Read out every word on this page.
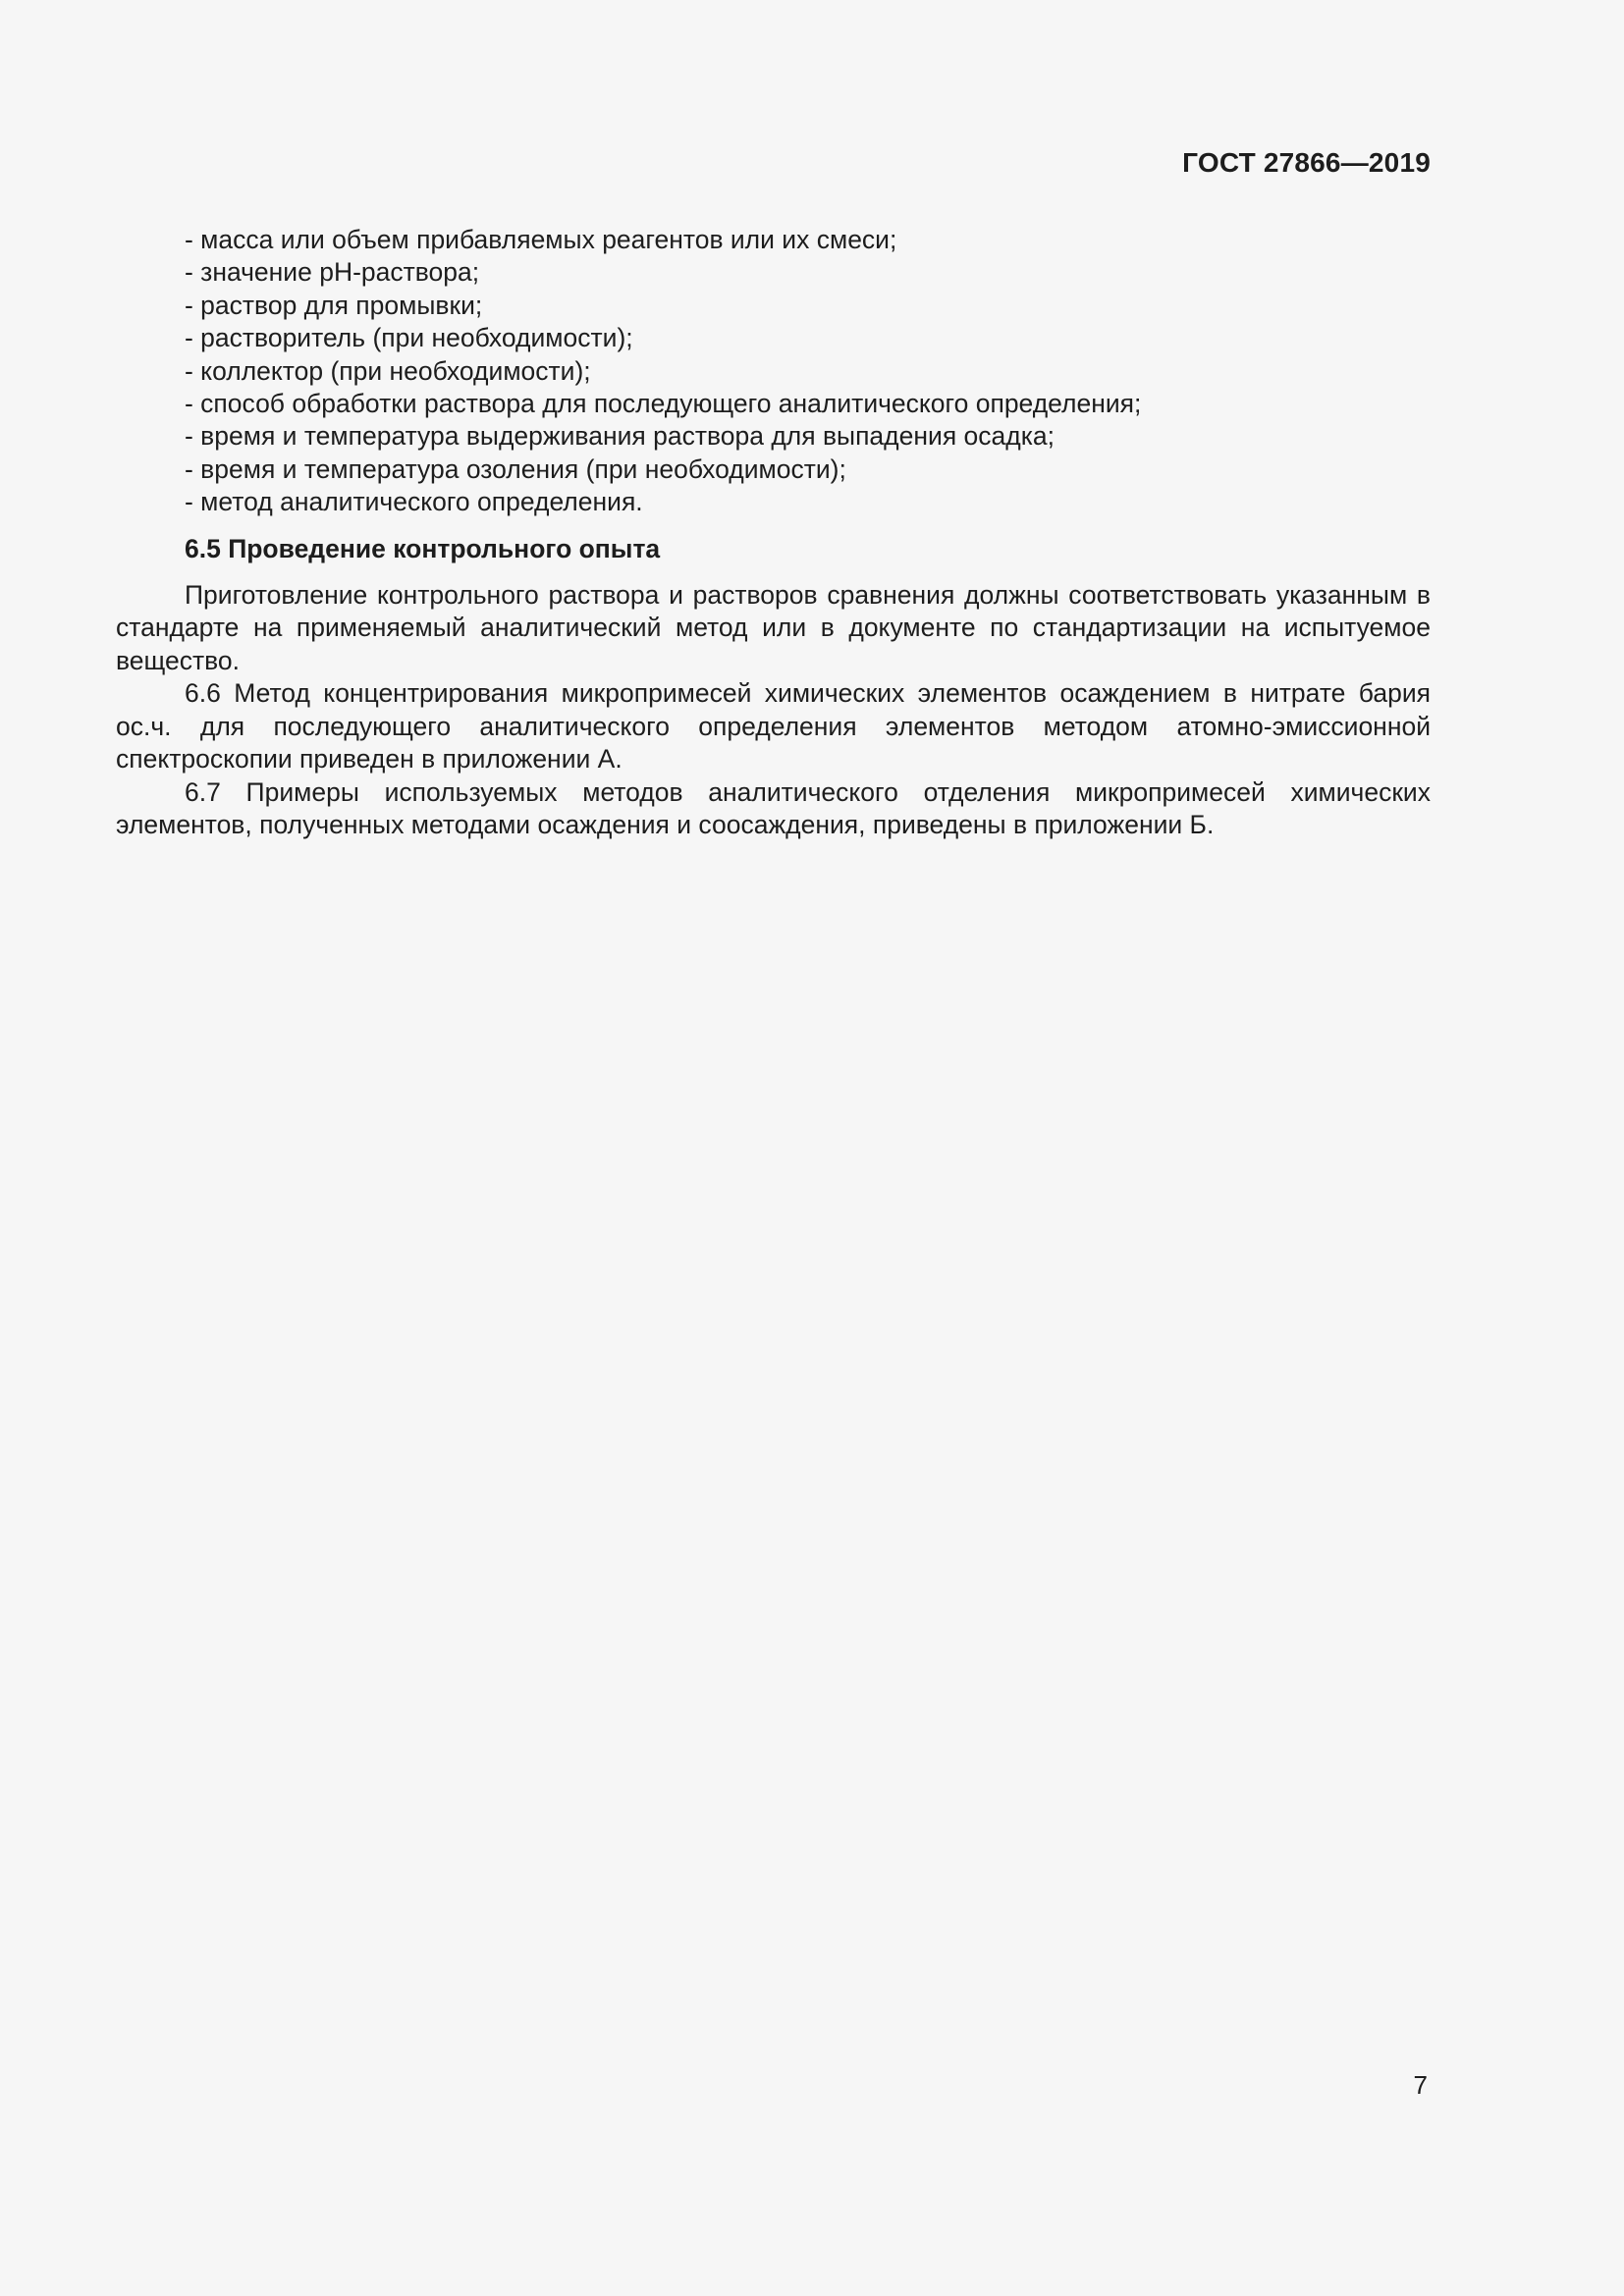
ГОСТ 27866—2019
- масса или объем прибавляемых реагентов или их смеси;
- значение рН-раствора;
- раствор для промывки;
- растворитель (при необходимости);
- коллектор (при необходимости);
- способ обработки раствора для последующего аналитического определения;
- время и температура выдерживания раствора для выпадения осадка;
- время и температура озоления (при необходимости);
- метод аналитического определения.
6.5 Проведение контрольного опыта

Приготовление контрольного раствора и растворов сравнения должны соответствовать указанным в стандарте на применяемый аналитический метод или в документе по стандартизации на испытуемое вещество.

6.6 Метод концентрирования микропримесей химических элементов осаждением в нитрате бария ос.ч. для последующего аналитического определения элементов методом атомно-эмиссионной спектроскопии приведен в приложении А.

6.7 Примеры используемых методов аналитического отделения микропримесей химических элементов, полученных методами осаждения и соосаждения, приведены в приложении Б.

7
